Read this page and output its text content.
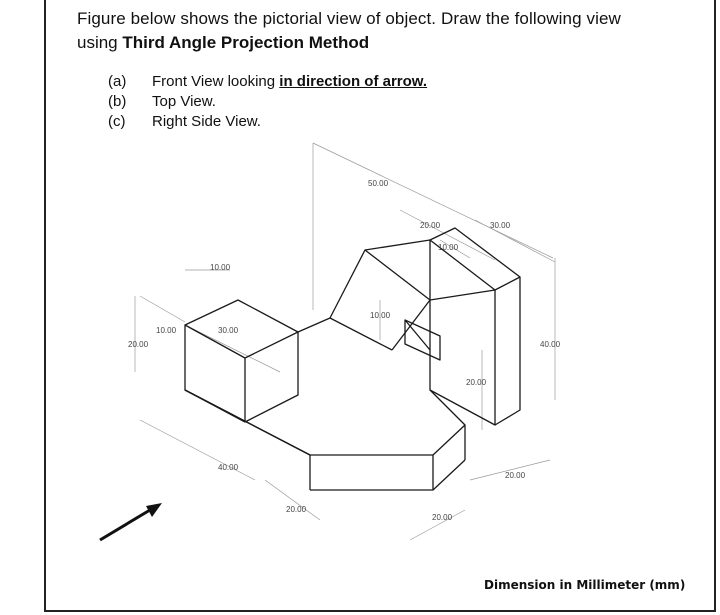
Figure below shows the pictorial view of object. Draw the following view
using Third Angle Projection Method
(a) Front View looking in direction of arrow.
(b) Top View.
(c) Right Side View.
50.00
20.00	30.00
10.00
10.00
10.00
10.00	30.00
20.00	40.00
20.00
40.00
20.00
20.00
20.00
Dimension in Millimeter (mm)
